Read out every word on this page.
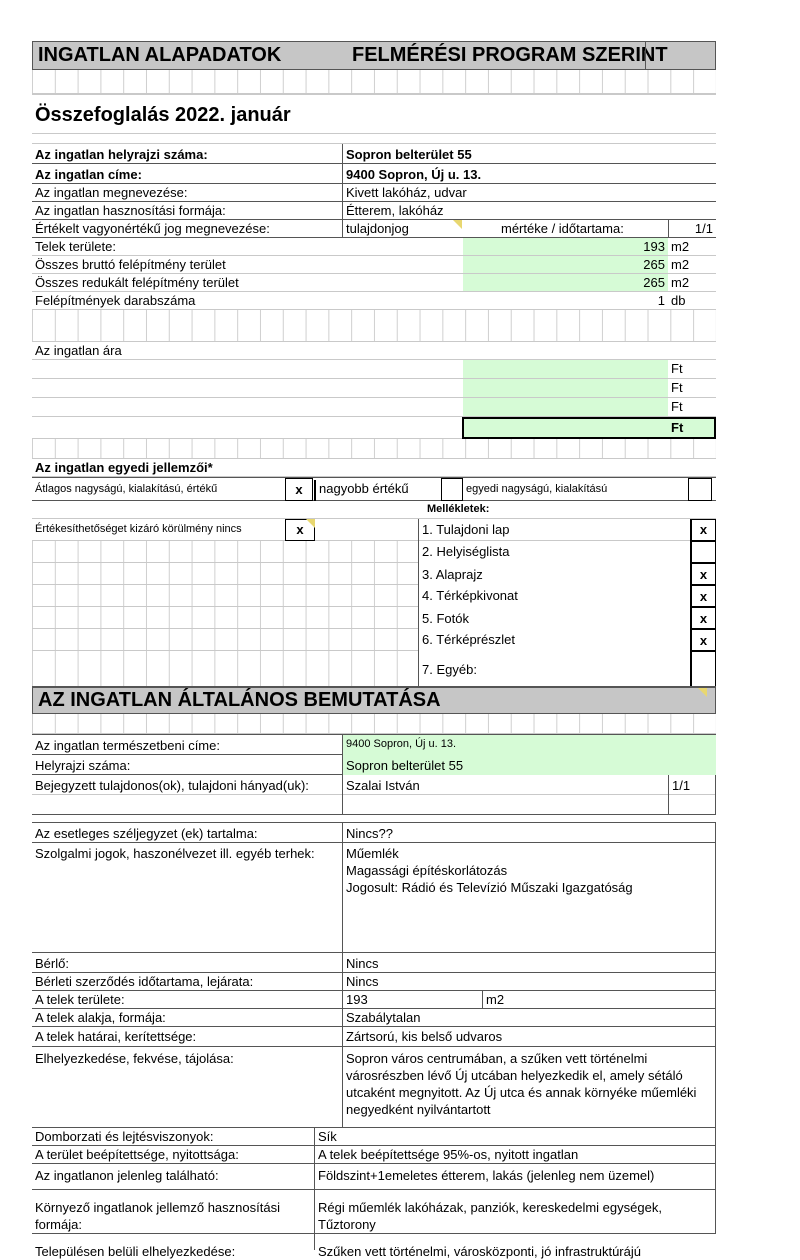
INGATLAN ALAPADATOK	FELMÉRÉSI PROGRAM SZERINT
Összefoglalás 2022. január
Az ingatlan helyrajzi száma:	Sopron belterület 55
Az ingatlan címe:	9400 Sopron, Új u. 13.
Az ingatlan megnevezése:	Kivett lakóház, udvar
Az ingatlan hasznosítási formája:	Étterem, lakóház
Értékelt vagyonértékű jog megnevezése:	tulajdonjog	mértéke / időtartama:	1/1
Telek területe:	193 m2
Összes bruttó felépítmény terület	265 m2
Összes redukált felépítmény terület	265 m2
Felépítmények darabszáma	1 db
Az ingatlan ára
Ft
Ft
Ft
Ft
Az ingatlan egyedi jellemzői*
Átlagos nagyságú, kialakítású, értékű	x	nagyobb értékű	egyedi nagyságú, kialakítású
Mellékletek:
Értékesíthetőséget kizáró körülmény nincs	x	1. Tulajdoni lap	x
2. Helyiséglista
3. Alaprajz	x
4. Térképkivonat	x
5. Fotók	x
6. Térképrészlet	x
7. Egyéb:
AZ INGATLAN ÁLTALÁNOS BEMUTATÁSA
Az ingatlan természetbeni címe:	9400 Sopron, Új u. 13.
Helyrajzi száma:	Sopron belterület 55
Bejegyzett tulajdonos(ok), tulajdoni hányad(uk):	Szalai István	1/1
Az esetleges széljegyzet (ek) tartalma:	Nincs??
Szolgalmi jogok, haszonélvezet ill. egyéb terhek:	Műemlék
Magassági építéskorlátozás
Jogosult: Rádió és Televízió Műszaki Igazgatóság
Bérlő:	Nincs
Bérleti szerződés időtartama, lejárata:	Nincs
A telek területe:	193	m2
A telek alakja, formája:	Szabálytalan
A telek határai, kerítettsége:	Zártsorú, kis belső udvaros
Elhelyezkedése, fekvése, tájolása:	Sopron város centrumában, a szűken vett történelmi városrészben lévő Új utcában helyezkedik el, amely sétáló utcaként megnyitott. Az Új utca és annak környéke műemléki negyedként nyilvántartott
Domborzati és lejtésviszonyok:	Sík
A terület beépítettsége, nyitottsága:	A telek beépítettsége 95%-os, nyitott ingatlan
Az ingatlanon jelenleg található:	Földszint+1emeletes étterem, lakás (jelenleg nem üzemel)
Környező ingatlanok jellemző hasznosítási formája:
Régi műemlék lakóházak, panziók, kereskedelmi egységek, Tűztorony
Településen belüli elhelyezkedése:	Szűken vett történelmi, városközponti, jó infrastruktúrájú
